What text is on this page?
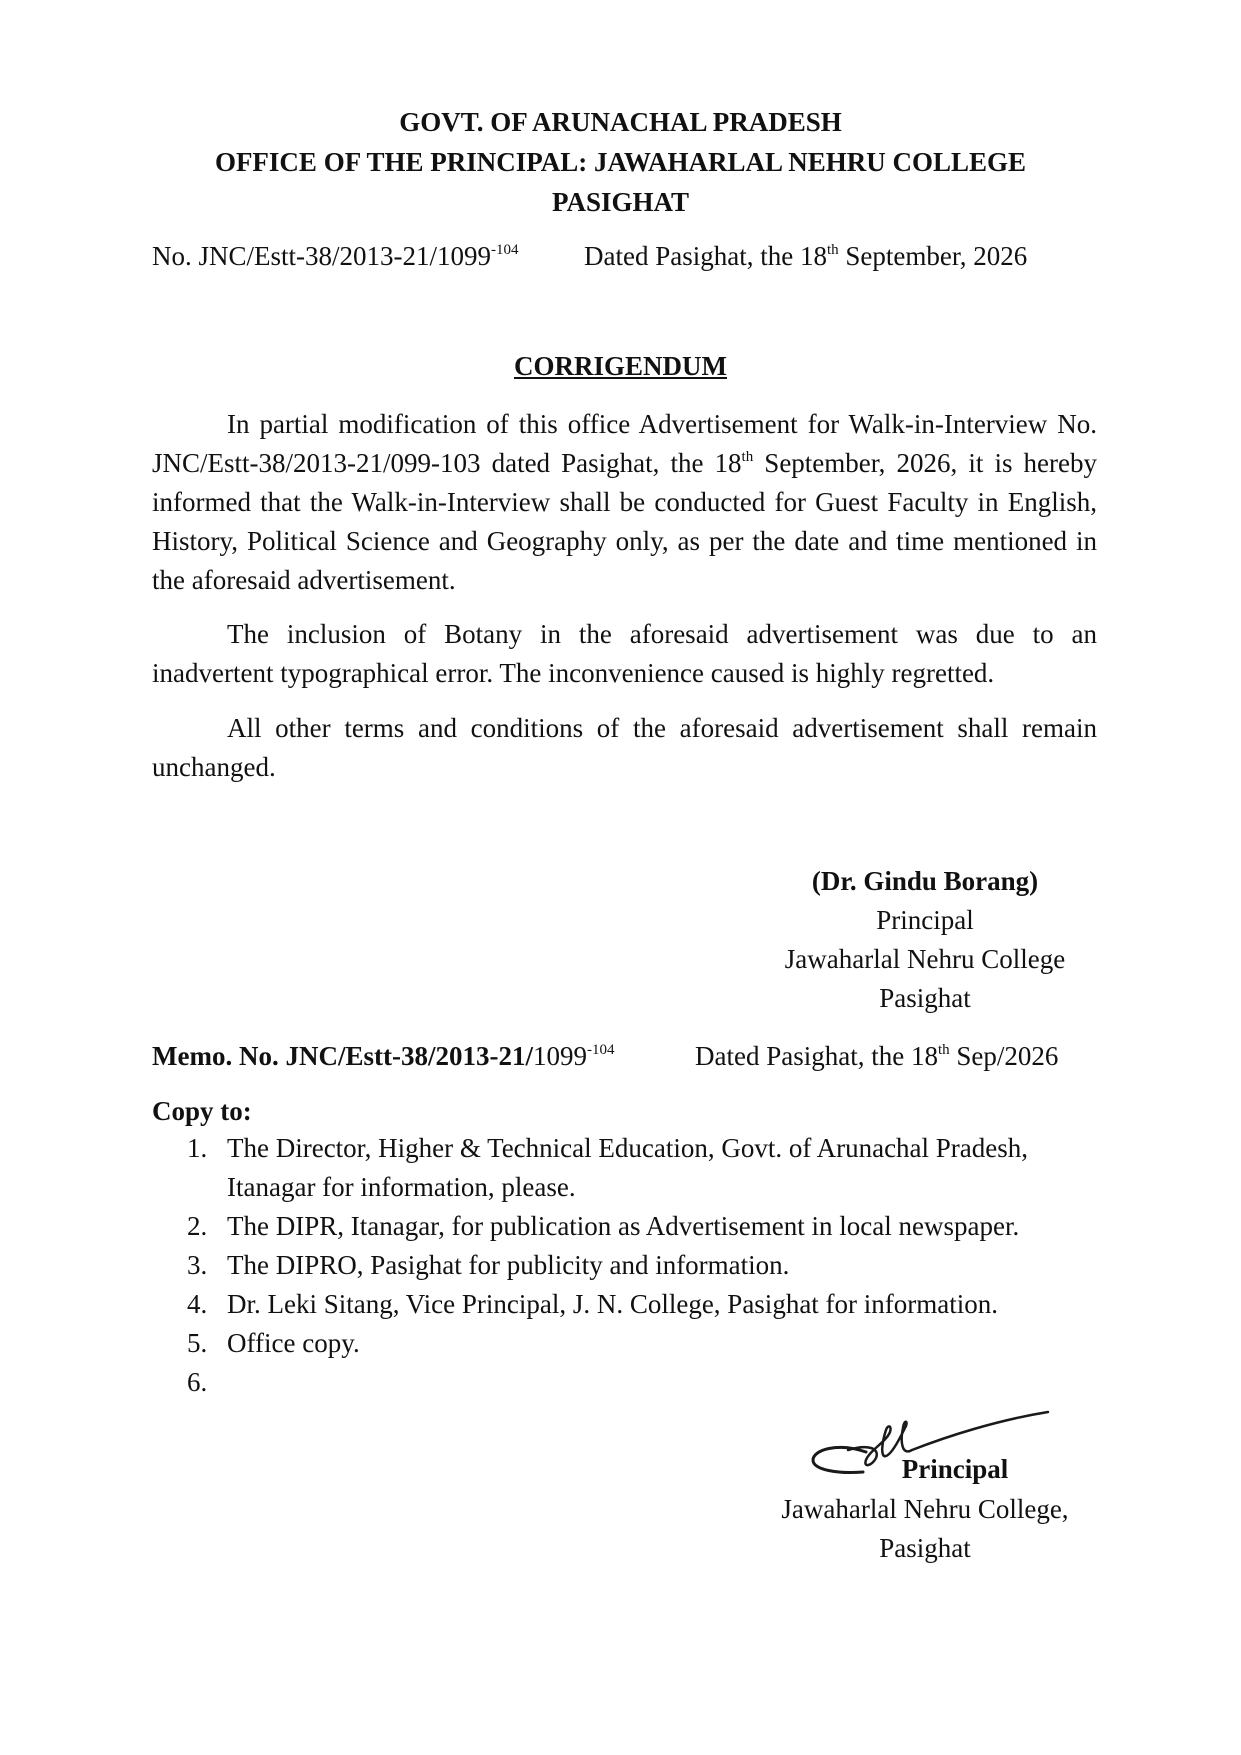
GOVT. OF ARUNACHAL PRADESH
OFFICE OF THE PRINCIPAL: JAWAHARLAL NEHRU COLLEGE
PASIGHAT
No. JNC/$Estt-38/2013-21/1099^{-104}$ Dated Pasighat, the 18th September, 2026
CORRIGENDUM
In partial modification of this office Advertisement for Walk-in-Interview No. JNC/Estt-38/2013-21/099-103 dated Pasighat, the 18th September, 2026, it is hereby informed that the Walk-in-Interview shall be conducted for Guest Faculty in English, History, Political Science and Geography only, as per the date and time mentioned in the aforesaid advertisement.
The inclusion of Botany in the aforesaid advertisement was due to an inadvertent typographical error. The inconvenience caused is highly regretted.
All other terms and conditions of the aforesaid advertisement shall remain unchanged.
(Dr. Gindu Borang)
Principal
Jawaharlal Nehru College
Pasighat
Memo. No. JNC/$Estt-38/2013-21/1099^{-104}$	Dated Pasighat, the 18th Sep/2026
Copy to:
1. The Director, Higher & Technical Education, Govt. of Arunachal Pradesh, Itanagar for information, please.
2. The DIPR, Itanagar, for publication as Advertisement in local newspaper.
3. The DIPRO, Pasighat for publicity and information.
4. Dr. Leki Sitang, Vice Principal, J. N. College, Pasighat for information.
5. Office copy.
6.
Principal
Jawaharlal Nehru College,
Pasighat
